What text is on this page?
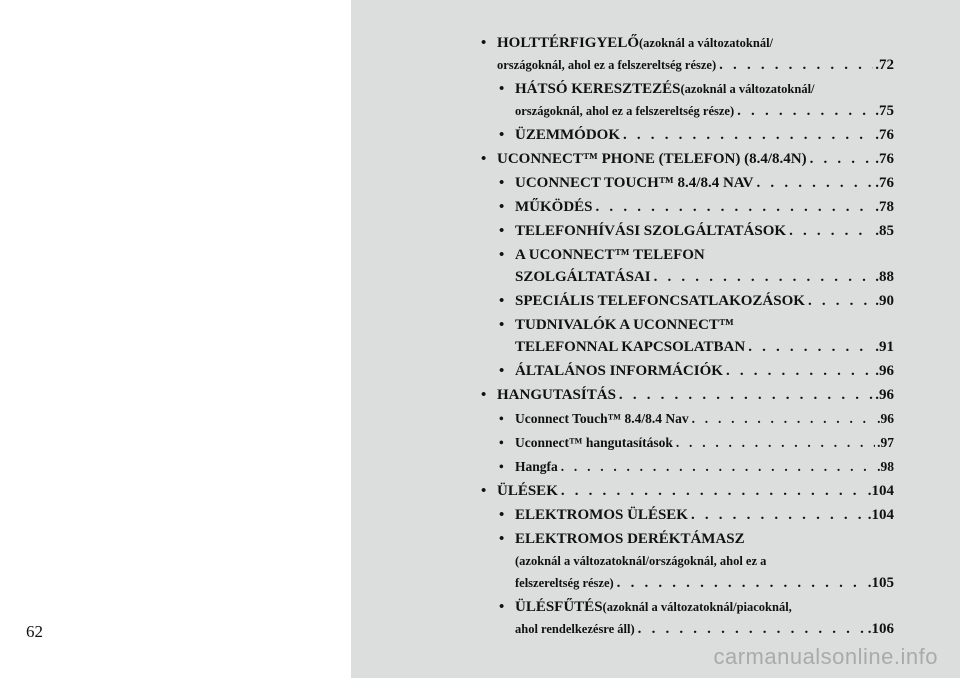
62
• HOLTTÉRFIGYELŐ (azoknál a változatoknál/
országoknál, ahol ez a felszereltség része) . . .	.72
• HÁTSÓ KERESZTEZÉS (azoknál a változatoknál/
országoknál, ahol ez a felszereltség része) . . .	.75
• ÜZEMMÓDOK . . .	.76
• UCONNECT™ PHONE (TELEFON) (8.4/8.4N) . . .	.76
• UCONNECT TOUCH™ 8.4/8.4 NAV . . .	.76
• MŰKÖDÉS . . .	.78
• TELEFONHÍVÁSI SZOLGÁLTATÁSOK . . .	.85
• A UCONNECT™ TELEFON
SZOLGÁLTATÁSAI . . .	.88
• SPECIÁLIS TELEFONCSATLAKOZÁSOK . . .	.90
• TUDNIVALÓK A UCONNECT™
TELEFONNAL KAPCSOLATBAN . . .	.91
• ÁLTALÁNOS INFORMÁCIÓK . . .	.96
• HANGUTASÍTÁS . . .	.96
• Uconnect Touch™ 8.4/8.4 Nav . . .	.96
• Uconnect™ hangutasítások . . .	.97
• Hangfa . . .	.98
• ÜLÉSEK . . .	.104
• ELEKTROMOS ÜLÉSEK . . .	.104
• ELEKTROMOS DERÉKTÁMASZ
(azoknál a változatoknál/országoknál, ahol ez a
felszereltség része) . . .	.105
• ÜLÉSFŰTÉS (azoknál a változatoknál/piacoknál,
ahol rendelkezésre áll) . . .	.106
carmanualsonline.info
